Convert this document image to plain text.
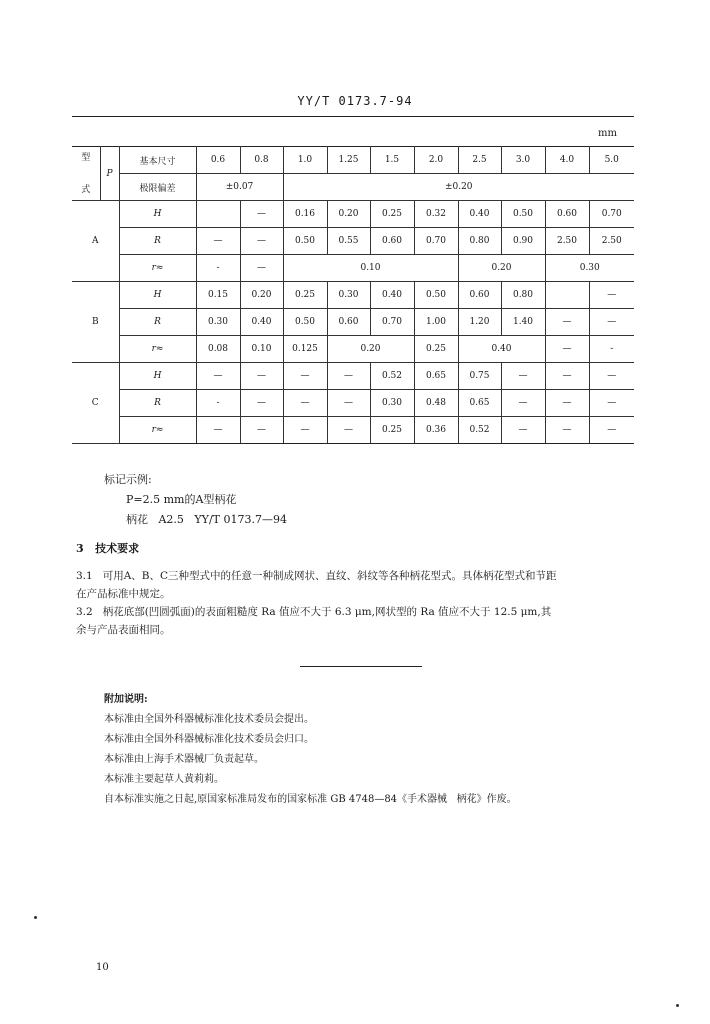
YY/T 0173.7-94
mm
型

式	P	基本尺寸	0.6	0.8	1.0	1.25	1.5	2.0	2.5	3.0	4.0	5.0
		极限偏差	±0.07		±0.20							
A		H		—	0.16	0.20	0.25	0.32	0.40	0.50	0.60	0.70
		R	—	—	0.50	0.55	0.60	0.70	0.80	0.90	2.50	2.50
		r≈	-	—	0.10				0.20		0.30	
B		H	0.15	0.20	0.25	0.30	0.40	0.50	0.60	0.80		—
		R	0.30	0.40	0.50	0.60	0.70	1.00	1.20	1.40	—	—
		r≈	0.08	0.10	0.125	0.20		0.25	0.40		—	-
C		H	—	—	—	—	0.52	0.65	0.75	—	—	—
		R	-	—	—	—	0.30	0.48	0.65	—	—	—
		r≈	—	—	—	—	0.25	0.36	0.52	—	—	—
标记示例:
P=2.5 mm的A型柄花
柄花   A2.5   YY/T 0173.7—94
3   技术要求
3.1   可用A、B、C三种型式中的任意一种制成网状、直纹、斜纹等各种柄花型式。具体柄花型式和节距
在产品标准中规定。
3.2   柄花底部(凹圆弧面)的表面粗糙度 Ra 值应不大于 6.3 μm,网状型的 Ra 值应不大于 12.5 μm,其
余与产品表面相同。
附加说明:
本标准由全国外科器械标准化技术委员会提出。
本标准由全国外科器械标准化技术委员会归口。
本标准由上海手术器械厂负责起草。
本标准主要起草人黄莉莉。
自本标准实施之日起,原国家标准局发布的国家标准 GB 4748—84《手术器械   柄花》作废。
10
